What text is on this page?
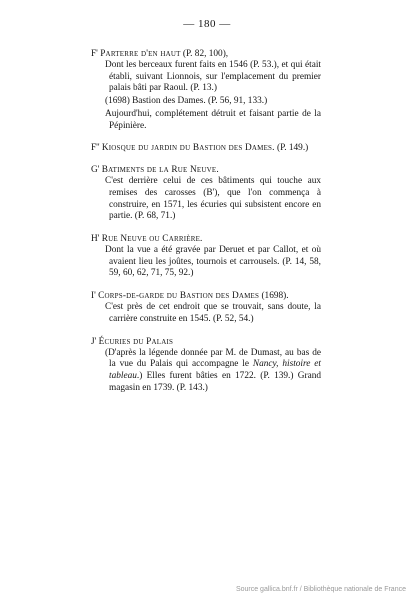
— 180 —
F' Parterre d'en haut (P. 82, 100),

Dont les berceaux furent faits en 1546 (P. 53.), et qui était établi, suivant Lionnois, sur l'emplacement du premier palais bâti par Raoul. (P. 13.)

(1698) Bastion des Dames. (P. 56, 91, 133.)

Aujourd'hui, complétement détruit et faisant partie de la Pépinière.

F'' Kiosque du jardin du Bastion des Dames. (P. 149.)
G' Batiments de la Rue Neuve.

C'est derrière celui de ces bâtiments qui touche aux remises des carosses (B'), que l'on commença à construire, en 1571, les écuries qui subsistent encore en partie. (P. 68, 71.)

H' Rue Neuve ou Carrière.

Dont la vue a été gravée par Deruet et par Callot, et où avaient lieu les joûtes, tournois et carrousels. (P. 14, 58, 59, 60, 62, 71, 75, 92.)

I' Corps-de-garde du Bastion des Dames (1698).

C'est près de cet endroit que se trouvait, sans doute, la carrière construite en 1545. (P. 52, 54.)

J' Écuries du Palais

(D'après la légende donnée par M. de Dumast, au bas de la vue du Palais qui accompagne le Nancy, histoire et tableau.) Elles furent bâties en 1722. (P. 139.) Grand magasin en 1739. (P. 143.)

Source gallica.bnf.fr / Bibliothèque nationale de France
